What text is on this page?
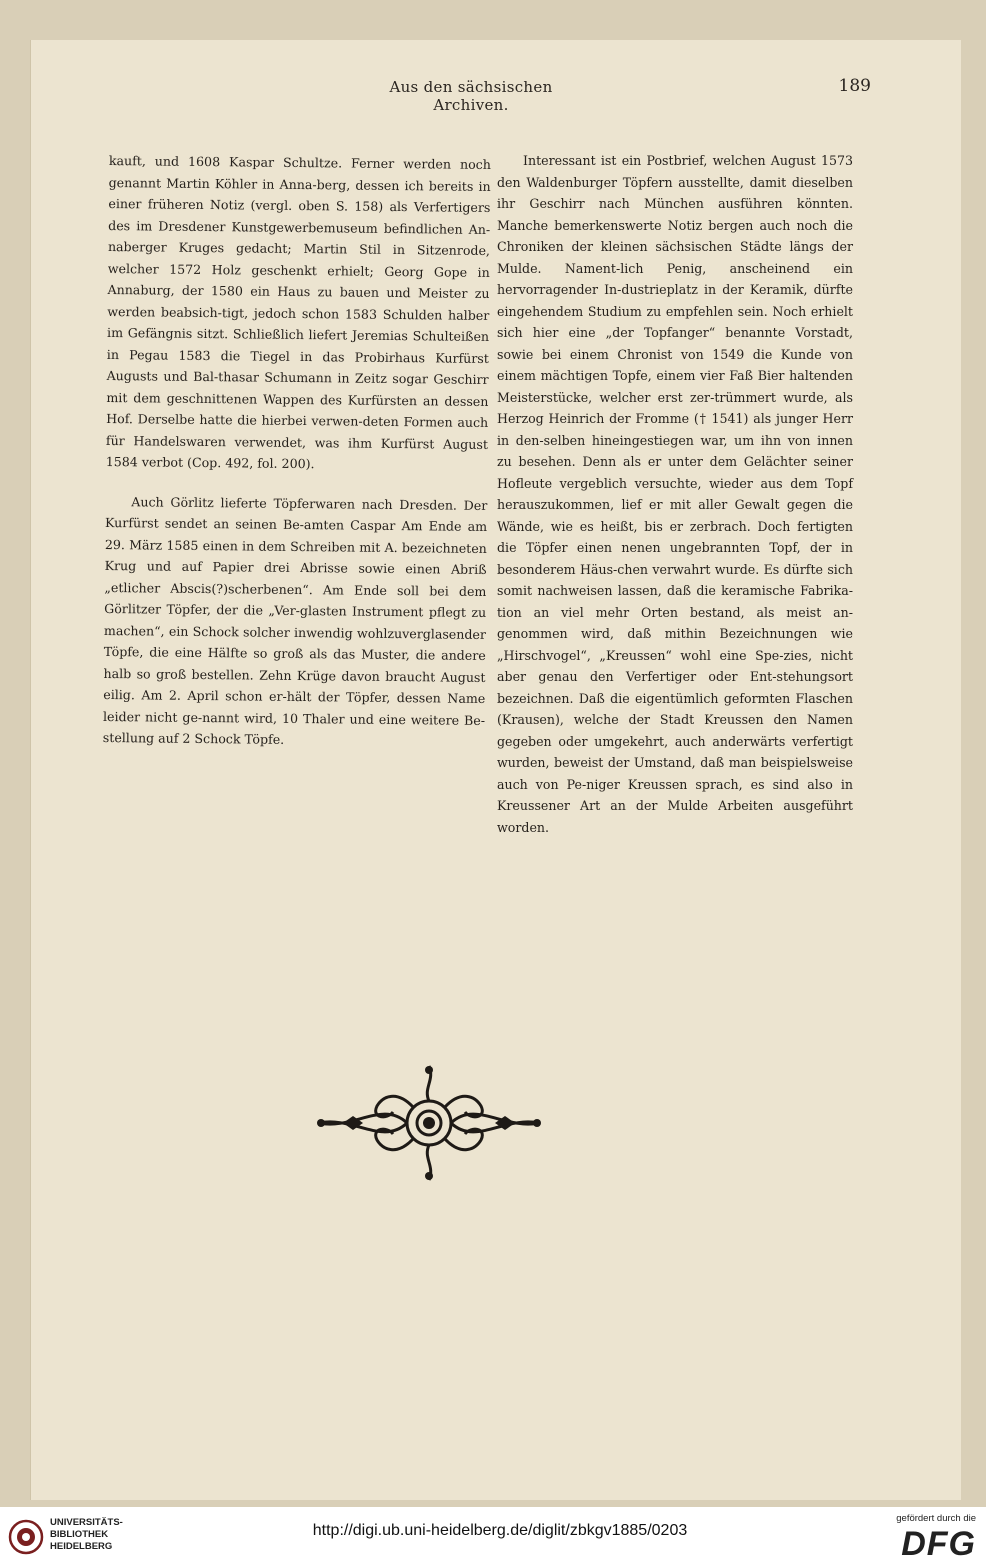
Aus den sächsischen Archiven.
189

kauft, und 1608 Kaspar Schultze. Ferner werden noch genannt Martin Köhler in Anna-berg, dessen ich bereits in einer früheren Notiz (vergl. oben S. 158) als Verfertigers des im Dresdener Kunstgewerbemuseum befindlichen An-naberger Kruges gedacht; Martin Stil in Sitzenrode, welcher 1572 Holz geschenkt erhielt; Georg Gope in Annaburg, der 1580 ein Haus zu bauen und Meister zu werden beabsich-tigt, jedoch schon 1583 Schulden halber im Gefängnis sitzt. Schließlich liefert Jeremias Schulteißen in Pegau 1583 die Tiegel in das Probirhaus Kurfürst Augusts und Bal-thasar Schumann in Zeitz sogar Geschirr mit dem geschnittenen Wappen des Kurfürsten an dessen Hof. Derselbe hatte die hierbei verwen-deten Formen auch für Handelswaren verwendet, was ihm Kurfürst August 1584 verbot (Cop. 492, fol. 200).

Auch Görlitz lieferte Töpferwaren nach Dresden. Der Kurfürst sendet an seinen Be-amten Caspar Am Ende am 29. März 1585 einen in dem Schreiben mit A. bezeichneten Krug und auf Papier drei Abrisse sowie einen Abriß „etlicher Abscis(?)scherbenen“. Am Ende soll bei dem Görlitzer Töpfer, der die „Ver-glasten Instrument pflegt zu machen“, ein Schock solcher inwendig wohlzuverglasender Töpfe, die eine Hälfte so groß als das Muster, die andere halb so groß bestellen. Zehn Krüge davon braucht August eilig. Am 2. April schon er-hält der Töpfer, dessen Name leider nicht ge-nannt wird, 10 Thaler und eine weitere Be-stellung auf 2 Schock Töpfe.

Interessant ist ein Postbrief, welchen August 1573 den Waldenburger Töpfern ausstellte, damit dieselben ihr Geschirr nach München ausführen könnten. Manche bemerkenswerte Notiz bergen auch noch die Chroniken der kleinen sächsischen Städte längs der Mulde. Nament-lich Penig, anscheinend ein hervorragender In-dustrieplatz in der Keramik, dürfte eingehendem Studium zu empfehlen sein. Noch erhielt sich hier eine „der Topfanger“ benannte Vorstadt, sowie bei einem Chronist von 1549 die Kunde von einem mächtigen Topfe, einem vier Faß Bier haltenden Meisterstücke, welcher erst zer-trümmert wurde, als Herzog Heinrich der Fromme († 1541) als junger Herr in den-selben hineingestiegen war, um ihn von innen zu besehen. Denn als er unter dem Gelächter seiner Hofleute vergeblich versuchte, wieder aus dem Topf herauszukommen, lief er mit aller Gewalt gegen die Wände, wie es heißt, bis er zerbrach. Doch fertigten die Töpfer einen nenen ungebrannten Topf, der in besonderem Häus-chen verwahrt wurde. Es dürfte sich somit nachweisen lassen, daß die keramische Fabrika-tion an viel mehr Orten bestand, als meist an-genommen wird, daß mithin Bezeichnungen wie „Hirschvogel“, „Kreussen“ wohl eine Spe-zies, nicht aber genau den Verfertiger oder Ent-stehungsort bezeichnen. Daß die eigentümlich geformten Flaschen (Krausen), welche der Stadt Kreussen den Namen gegeben oder umgekehrt, auch anderwärts verfertigt wurden, beweist der Umstand, daß man beispielsweise auch von Pe-niger Kreussen sprach, es sind also in Kreussener Art an der Mulde Arbeiten ausgeführt worden.

UNIVERSITÄTS-
BIBLIOTHEK
HEIDELBERG
http://digi.ub.uni-heidelberg.de/diglit/zbkgv1885/0203
gefördert durch die
DFG
